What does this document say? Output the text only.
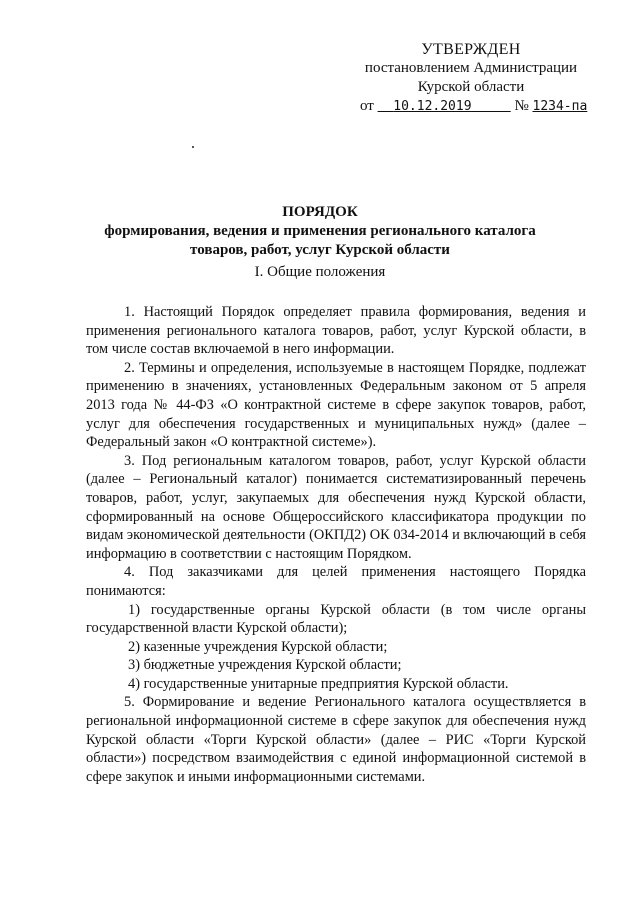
УТВЕРЖДЕН
постановлением Администрации
Курской области
от 10.12.2019	№ 1234-па
ПОРЯДОК
формирования, ведения и применения регионального каталога
товаров, работ, услуг Курской области
I. Общие положения

1. Настоящий Порядок определяет правила формирования, ведения и применения регионального каталога товаров, работ, услуг Курской области, в том числе состав включаемой в него информации.

2. Термины и определения, используемые в настоящем Порядке, подлежат применению в значениях, установленных Федеральным законом от 5 апреля 2013 года № 44-ФЗ «О контрактной системе в сфере закупок товаров, работ, услуг для обеспечения государственных и муниципальных нужд» (далее – Федеральный закон «О контрактной системе»).

3. Под региональным каталогом товаров, работ, услуг Курской области (далее – Региональный каталог) понимается систематизированный перечень товаров, работ, услуг, закупаемых для обеспечения нужд Курской области, сформированный на основе Общероссийского классификатора продукции по видам экономической деятельности (ОКПД2) ОК 034-2014 и включающий в себя информацию в соответствии с настоящим Порядком.

4. Под заказчиками для целей применения настоящего Порядка понимаются:

1) государственные органы Курской области (в том числе органы государственной власти Курской области);

2) казенные учреждения Курской области;

3) бюджетные учреждения Курской области;

4) государственные унитарные предприятия Курской области.

5. Формирование и ведение Регионального каталога осуществляется в региональной информационной системе в сфере закупок для обеспечения нужд Курской области «Торги Курской области» (далее – РИС «Торги Курской области») посредством взаимодействия с единой информационной системой в сфере закупок и иными информационными системами.
